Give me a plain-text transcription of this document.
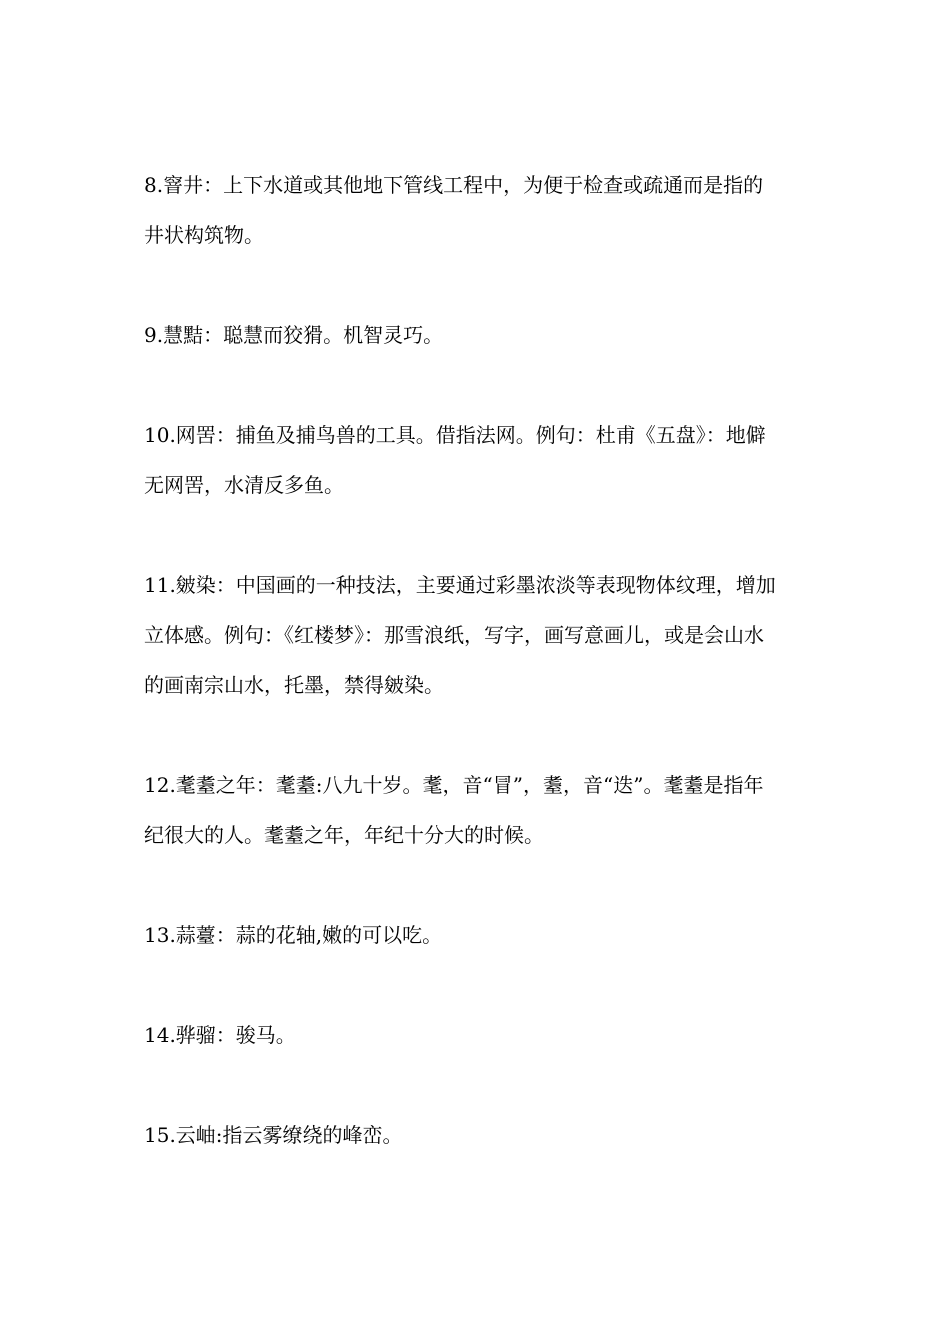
8.窨井：上下水道或其他地下管线工程中，为便于检查或疏通而是指的
井状构筑物。

9.慧黠：聪慧而狡猾。机智灵巧。

10.网罟：捕鱼及捕鸟兽的工具。借指法网。例句：杜甫《五盘》：地僻
无网罟，水清反多鱼。

11.皴染：中国画的一种技法，主要通过彩墨浓淡等表现物体纹理，增加
立体感。例句：《红楼梦》：那雪浪纸，写字，画写意画儿，或是会山水
的画南宗山水，托墨，禁得皴染。

12.耄耋之年：耄耋:八九十岁。耄，音“冒”，耋，音“迭”。耄耋是指年
纪很大的人。耄耋之年，年纪十分大的时候。

13.蒜薹：蒜的花轴,嫩的可以吃。

14.骅骝：骏马。

15.云岫:指云雾缭绕的峰峦。
